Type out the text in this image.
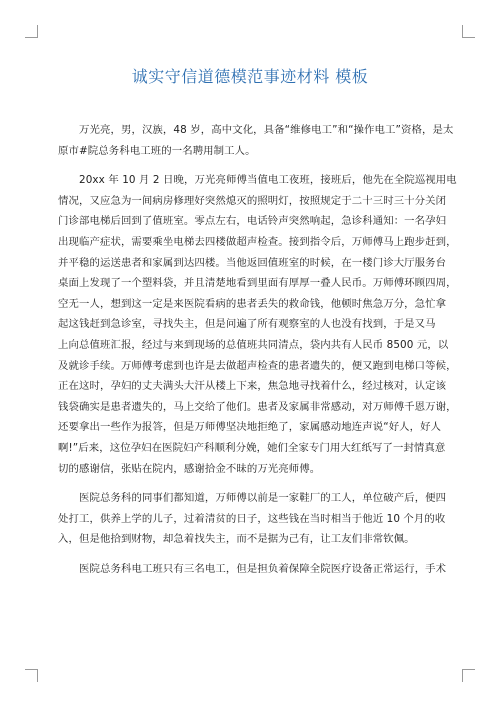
诚实守信道德模范事迹材料 模板

万光亮，男，汉族，48 岁，高中文化，具备“维修电工”和“操作电工”资格，是太
原市#院总务科电工班的一名聘用制工人。

20xx 年 10 月 2 日晚，万光亮师傅当值电工夜班，接班后，他先在全院巡视用电
情况，又应急为一间病房修理好突然熄灭的照明灯，按照规定于二十三时三十分关闭
门诊部电梯后回到了值班室。零点左右，电话铃声突然响起，急诊科通知：一名孕妇
出现临产症状，需要乘坐电梯去四楼做超声检查。接到指令后，万师傅马上跑步赶到，
并平稳的运送患者和家属到达四楼。当他返回值班室的时候，在一楼门诊大厅服务台
桌面上发现了一个塑料袋，并且清楚地看到里面有厚厚一叠人民币。万师傅环顾四周，
空无一人，想到这一定是来医院看病的患者丢失的救命钱，他顿时焦急万分，急忙拿
起这钱赶到急诊室，寻找失主，但是问遍了所有观察室的人也没有找到，于是又马
上向总值班汇报，经过与来到现场的总值班共同清点，袋内共有人民币 8500 元，以
及就诊手续。万师傅考虑到也许是去做超声检查的患者遗失的，便又跑到电梯口等候，
正在这时，孕妇的丈夫满头大汗从楼上下来，焦急地寻找着什么，经过核对，认定该
钱袋确实是患者遗失的，马上交给了他们。患者及家属非常感动，对万师傅千恩万谢，
还要拿出一些作为报答，但是万师傅坚决地拒绝了，家属感动地连声说“好人，好人
啊!”后来，这位孕妇在医院妇产科顺利分娩，她们全家专门用大红纸写了一封情真意
切的感谢信，张贴在院内，感谢拾金不昧的万光亮师傅。

医院总务科的同事们都知道，万师傅以前是一家鞋厂的工人，单位破产后，便四
处打工，供养上学的儿子，过着清贫的日子，这些钱在当时相当于他近 10 个月的收
入，但是他拾到财物，却急着找失主，而不是据为己有，让工友们非常钦佩。

医院总务科电工班只有三名电工，但是担负着保障全院医疗设备正常运行，手术
